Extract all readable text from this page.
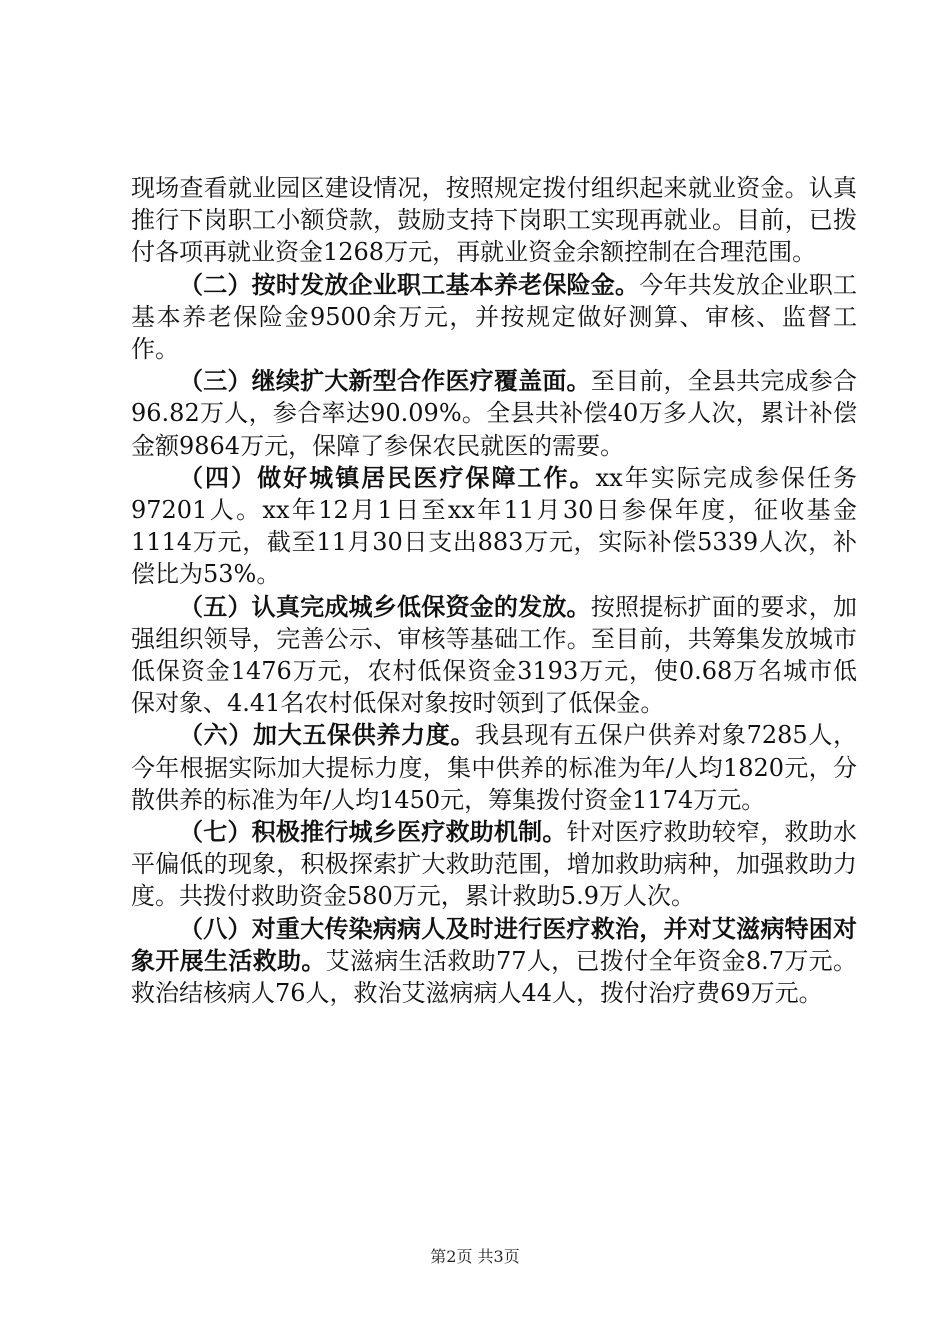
现场查看就业园区建设情况，按照规定拨付组织起来就业资金。认真推行下岗职工小额贷款，鼓励支持下岗职工实现再就业。目前，已拨付各项再就业资金1268万元，再就业资金余额控制在合理范围。

（二）按时发放企业职工基本养老保险金。今年共发放企业职工基本养老保险金9500余万元，并按规定做好测算、审核、监督工作。

（三）继续扩大新型合作医疗覆盖面。至目前，全县共完成参合96.82万人，参合率达90.09%。全县共补偿40万多人次，累计补偿金额9864万元，保障了参保农民就医的需要。

（四）做好城镇居民医疗保障工作。xx年实际完成参保任务97201人。xx年12月1日至xx年11月30日参保年度，征收基金1114万元，截至11月30日支出883万元，实际补偿5339人次，补偿比为53%。

（五）认真完成城乡低保资金的发放。按照提标扩面的要求，加强组织领导，完善公示、审核等基础工作。至目前，共筹集发放城市低保资金1476万元，农村低保资金3193万元，使0.68万名城市低保对象、4.41名农村低保对象按时领到了低保金。

（六）加大五保供养力度。我县现有五保户供养对象7285人，今年根据实际加大提标力度，集中供养的标准为年/人均1820元，分散供养的标准为年/人均1450元，筹集拨付资金1174万元。

（七）积极推行城乡医疗救助机制。针对医疗救助较窄，救助水平偏低的现象，积极探索扩大救助范围，增加救助病种，加强救助力度。共拨付救助资金580万元，累计救助5.9万人次。

（八）对重大传染病病人及时进行医疗救治，并对艾滋病特困对象开展生活救助。艾滋病生活救助77人，已拨付全年资金8.7万元。救治结核病人76人，救治艾滋病病人44人，拨付治疗费69万元。

第2页 共3页
